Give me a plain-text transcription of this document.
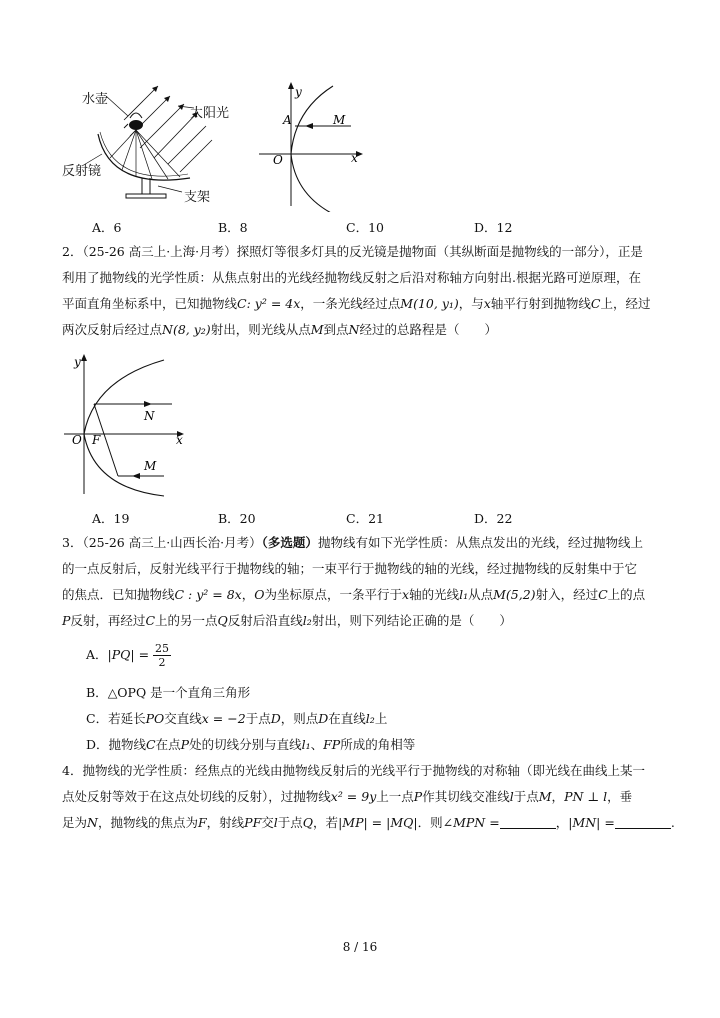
水壶
太阳光
反射镜
支架
y
x
O
A	M
A．6	B．8	C．10	D．12
2．（25-26 高三上·上海·月考）探照灯等很多灯具的反光镜是抛物面（其纵断面是抛物线的一部分），正是
利用了抛物线的光学性质：从焦点射出的光线经抛物线反射之后沿对称轴方向射出.根据光路可逆原理，在
平面直角坐标系中，已知抛物线C: y² = 4x，一条光线经过点M(10, y₁)，与x轴平行射到抛物线C上，经过
两次反射后经过点N(8, y₂)射出，则光线从点M到点N经过的总路程是（　　）
y
x
O F
N
M
A．19	B．20	C．21	D．22
3．（25-26 高三上·山西长治·月考）（多选题）抛物线有如下光学性质：从焦点发出的光线，经过抛物线上
的一点反射后，反射光线平行于抛物线的轴；一束平行于抛物线的轴的光线，经过抛物线的反射集中于它
的焦点．已知抛物线C : y² = 8x，O为坐标原点，一条平行于x轴的光线l₁从点M(5,2)射入，经过C上的点
P反射，再经过C上的另一点Q反射后沿直线l₂射出，则下列结论正确的是（　　）
A．$|PQ| = \frac{25}{2}$
B．△OPQ 是一个直角三角形
C．若延长PO交直线x = −2于点D，则点D在直线l₂上
D．抛物线C在点P处的切线分别与直线l₁、FP所成的角相等
4．抛物线的光学性质：经焦点的光线由抛物线反射后的光线平行于抛物线的对称轴（即光线在曲线上某一
点处反射等效于在这点处切线的反射），过抛物线x² = 9y上一点P作其切线交准线l于点M，PN ⊥ l，垂
足为N，抛物线的焦点为F，射线PF交l于点Q，若|MP| = |MQ|．则∠MPN =	，|MN| =	.
8 / 16
